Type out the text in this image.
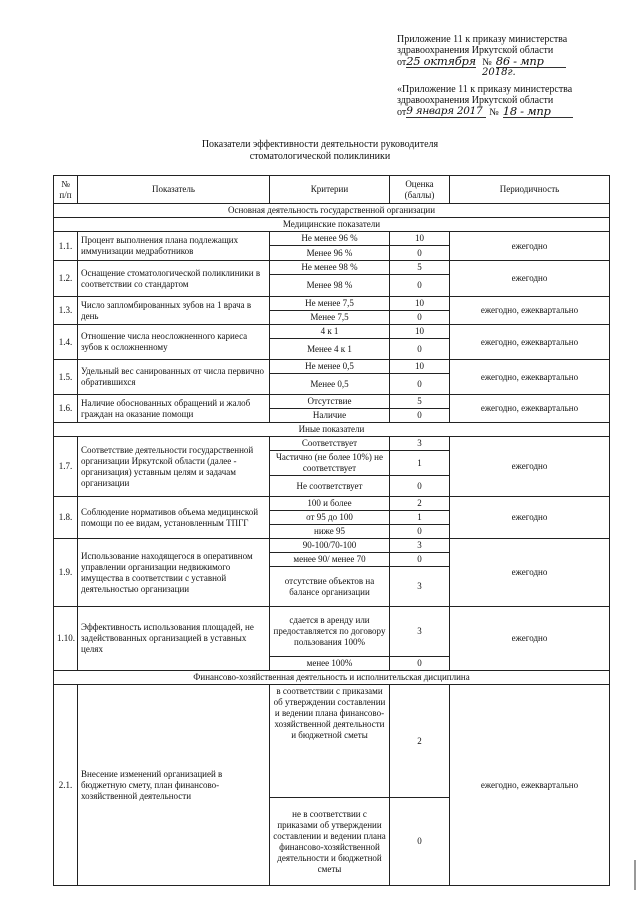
Приложение 11 к приказу министерства
здравоохранения Иркутской области
от 25 октября № 86 - мпр
2018г.
«Приложение 11 к приказу министерства
здравоохранения Иркутской области
от 9 января 2017 № 18 - мпр
Показатели эффективности деятельности руководителя
стоматологической поликлиники
№ п/п	Показатель	Критерии	Оценка (баллы)	Периодичность
Основная деятельность государственной организации				
Медицинские показатели				
1.1.	Процент выполнения плана подлежащих иммунизации медработников	Не менее 96 %	10	ежегодно
		Менее 96 %	0	
1.2.	Оснащение стоматологической поликлиники в соответствии со стандартом	Не менее 98 %	5	ежегодно
		Менее 98 %	0	
1.3.	Число запломбированных зубов на 1 врача в день	Не менее 7,5	10	ежегодно, ежеквартально
		Менее 7,5	0	
1.4.	Отношение числа неосложненного кариеса зубов к осложненному	4 к 1	10	ежегодно, ежеквартально
		Менее 4 к 1	0	
1.5.	Удельный вес санированных от числа первично обратившихся	Не менее 0,5	10	ежегодно, ежеквартально
		Менее 0,5	0	
1.6.	Наличие обоснованных обращений и жалоб граждан на оказание помощи	Отсутствие	5	ежегодно, ежеквартально
		Наличие	0	
Иные показатели				
1.7.	Соответствие деятельности государственной организации Иркутской области (далее - организация) уставным целям и задачам организации	Соответствует	3	ежегодно
		Частично (не более 10%) не соответствует	1	
		Не соответствует	0	
1.8.	Соблюдение нормативов объема медицинской помощи по ее видам, установленным ТПГГ	100 и более	2	ежегодно
		от 95 до 100	1	
		ниже 95	0	
1.9.	Использование находящегося в оперативном управлении организации недвижимого имущества в соответствии с уставной деятельностью организации	90-100/70-100	3	ежегодно
		менее 90/ менее 70	0	
		отсутствие объектов на балансе организации	3	
1.10.	Эффективность использования площадей, не задействованных организацией в уставных целях	сдается в аренду или предоставляется по договору пользования 100%	3	ежегодно
		менее 100%	0	
Финансово-хозяйственная деятельность и исполнительская дисциплина				
2.1.	Внесение изменений организацией в бюджетную смету, план финансово-хозяйственной деятельности	в соответствии с приказами об утверждении составлении и ведении плана финансово-хозяйственной деятельности и бюджетной сметы	2	ежегодно, ежеквартально
		не в соответствии с приказами об утверждении составлении и ведении плана финансово-хозяйственной деятельности и бюджетной сметы	0	
